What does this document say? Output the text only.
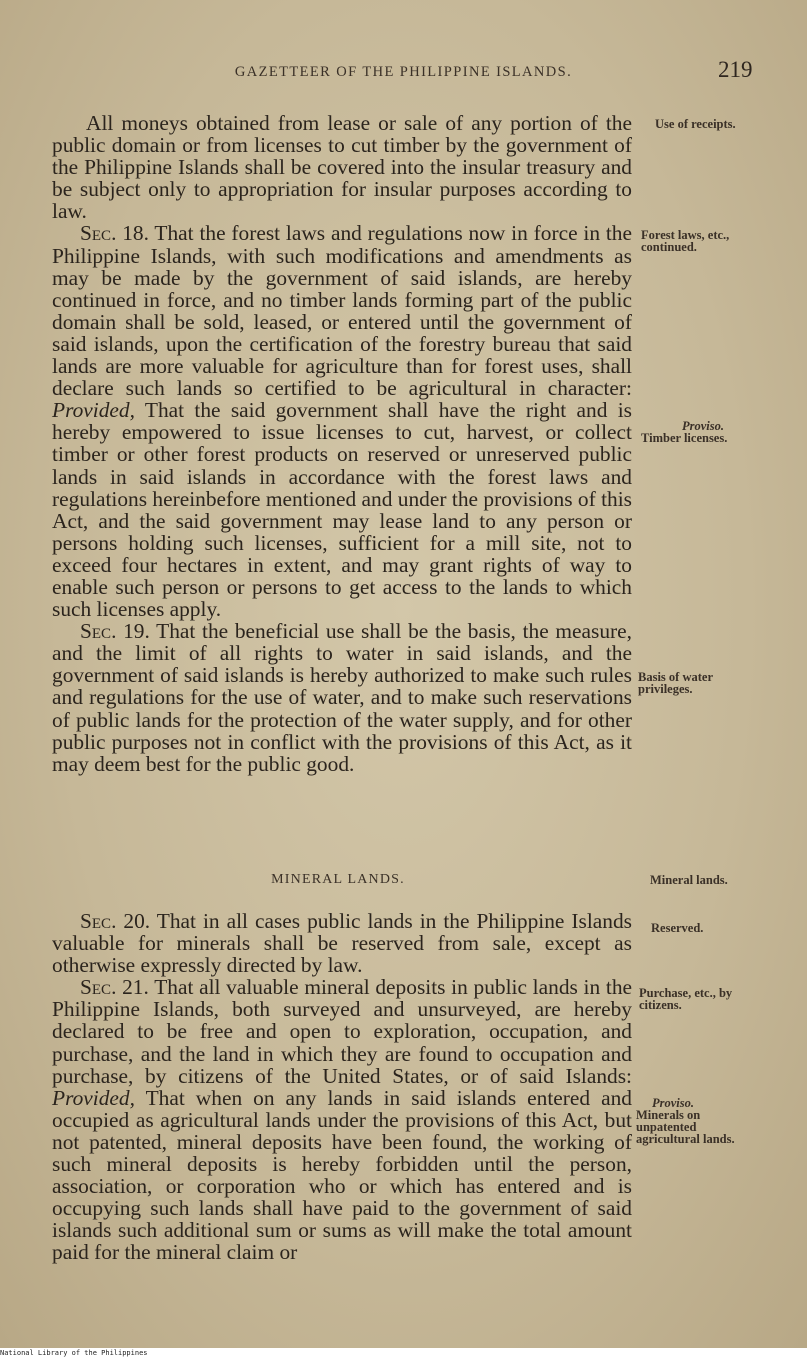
GAZETTEER OF THE PHILIPPINE ISLANDS.	219

All moneys obtained from lease or sale of any portion of the public domain or from licenses to cut timber by the government of the Philippine Islands shall be covered into the insular treasury and be subject only to appropriation for insular purposes according to law.

Sec. 18. That the forest laws and regulations now in force in the Philippine Islands, with such modifications and amendments as may be made by the government of said islands, are hereby continued in force, and no timber lands forming part of the public domain shall be sold, leased, or entered until the government of said islands, upon the certification of the forestry bureau that said lands are more valuable for agriculture than for forest uses, shall declare such lands so certified to be agricultural in character: Provided, That the said government shall have the right and is hereby empowered to issue licenses to cut, harvest, or collect timber or other forest products on reserved or unreserved public lands in said islands in accordance with the forest laws and regulations hereinbefore mentioned and under the provisions of this Act, and the said government may lease land to any person or persons holding such licenses, sufficient for a mill site, not to exceed four hectares in extent, and may grant rights of way to enable such person or persons to get access to the lands to which such licenses apply.

Sec. 19. That the beneficial use shall be the basis, the measure, and the limit of all rights to water in said islands, and the government of said islands is hereby authorized to make such rules and regulations for the use of water, and to make such reservations of public lands for the protection of the water supply, and for other public purposes not in conflict with the provisions of this Act, as it may deem best for the public good.

MINERAL LANDS.

Sec. 20. That in all cases public lands in the Philippine Islands valuable for minerals shall be reserved from sale, except as otherwise expressly directed by law.

Sec. 21. That all valuable mineral deposits in public lands in the Philippine Islands, both surveyed and unsurveyed, are hereby declared to be free and open to exploration, occupation, and purchase, and the land in which they are found to occupation and purchase, by citizens of the United States, or of said Islands: Provided, That when on any lands in said islands entered and occupied as agricultural lands under the provisions of this Act, but not patented, mineral deposits have been found, the working of such mineral deposits is hereby forbidden until the person, association, or corporation who or which has entered and is occupying such lands shall have paid to the government of said islands such additional sum or sums as will make the total amount paid for the mineral claim or

Use of receipts.
Forest laws, etc., continued.
Proviso.
Timber licenses.
Basis of water privileges.
Mineral lands.
Reserved.
Purchase, etc., by citizens.
Proviso.
Minerals on unpatented agricultural lands.
National Library of the Philippines
